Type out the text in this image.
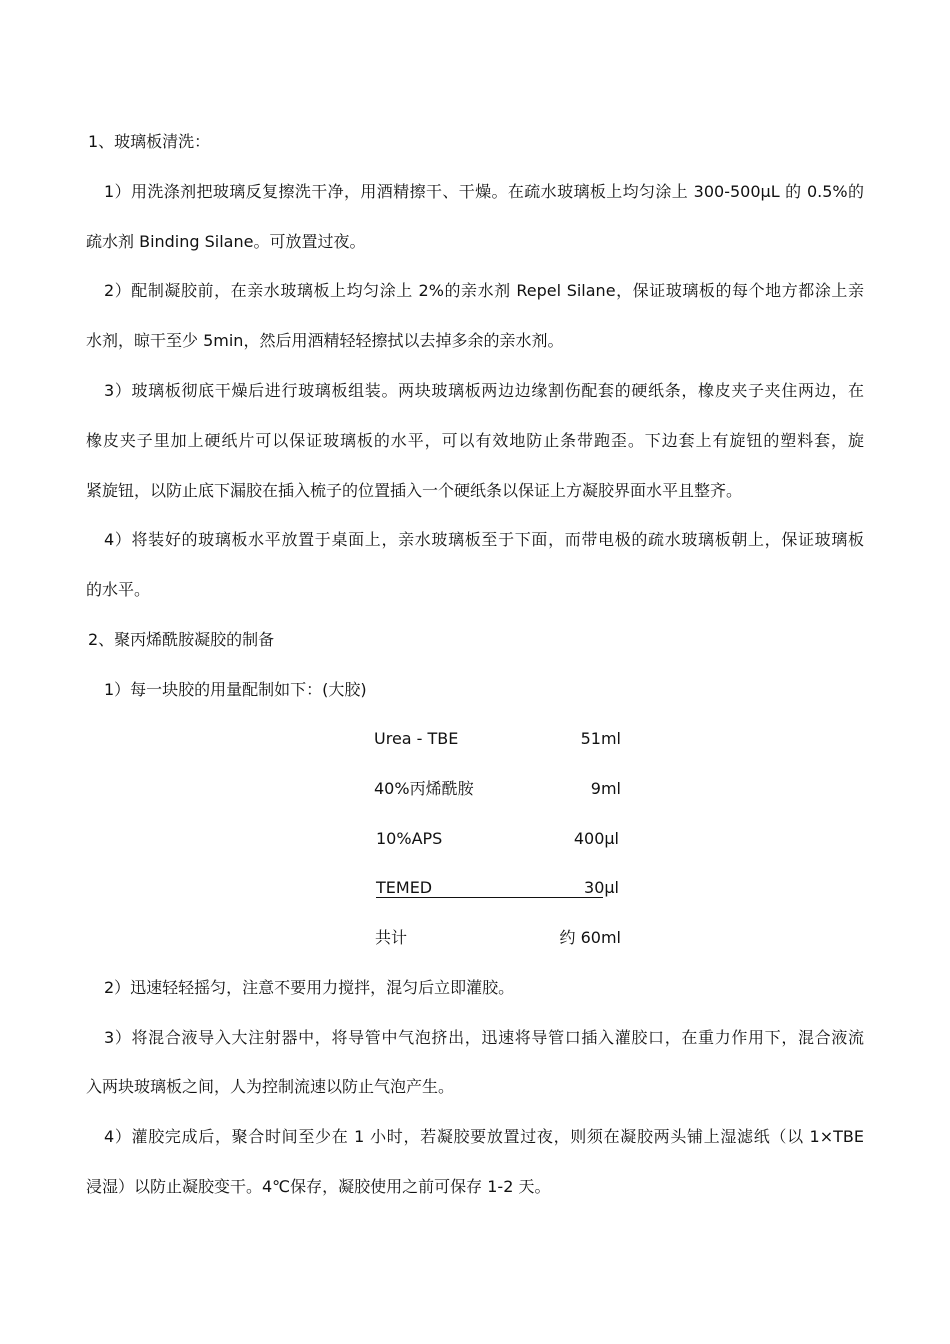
1、玻璃板清洗：
1）用洗涤剂把玻璃反复擦洗干净，用酒精擦干、干燥。在疏水玻璃板上均匀涂上 300-500μL 的 0.5%的
疏水剂 Binding Silane。可放置过夜。
2）配制凝胶前，在亲水玻璃板上均匀涂上 2%的亲水剂 Repel Silane，保证玻璃板的每个地方都涂上亲
水剂，晾干至少 5min，然后用酒精轻轻擦拭以去掉多余的亲水剂。
3）玻璃板彻底干燥后进行玻璃板组装。两块玻璃板两边边缘割伤配套的硬纸条，橡皮夹子夹住两边，在
橡皮夹子里加上硬纸片可以保证玻璃板的水平，可以有效地防止条带跑歪。下边套上有旋钮的塑料套，旋
紧旋钮，以防止底下漏胶在插入梳子的位置插入一个硬纸条以保证上方凝胶界面水平且整齐。
4）将装好的玻璃板水平放置于桌面上，亲水玻璃板至于下面，而带电极的疏水玻璃板朝上，保证玻璃板
的水平。
2、聚丙烯酰胺凝胶的制备
1）每一块胶的用量配制如下：(大胶)
Urea - TBE	51ml
40%丙烯酰胺	9ml
10%APS	400μl
TEMED	30μl
共计	约 60ml
2）迅速轻轻摇匀，注意不要用力搅拌，混匀后立即灌胶。
3）将混合液导入大注射器中，将导管中气泡挤出，迅速将导管口插入灌胶口，在重力作用下，混合液流
入两块玻璃板之间，人为控制流速以防止气泡产生。
4）灌胶完成后，聚合时间至少在 1 小时，若凝胶要放置过夜，则须在凝胶两头铺上湿滤纸（以 1×TBE
浸湿）以防止凝胶变干。4℃保存，凝胶使用之前可保存 1-2 天。
